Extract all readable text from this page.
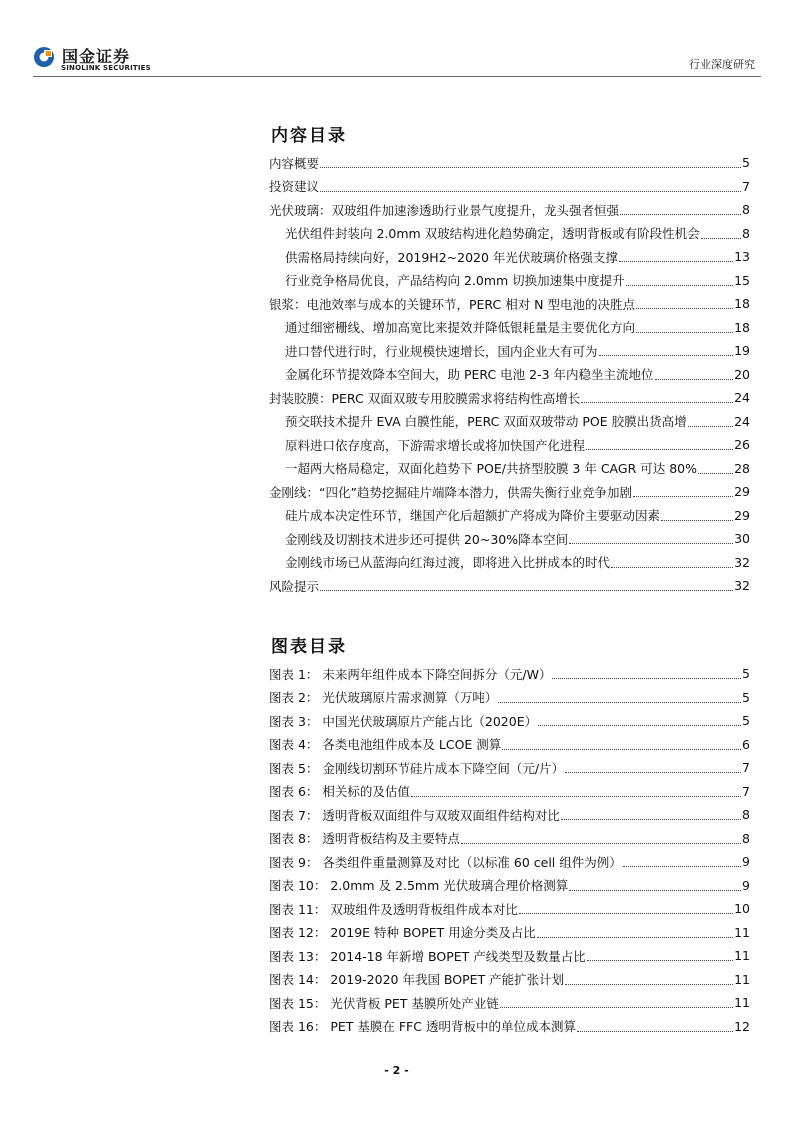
国金证券
SINOLINK SECURITIES	行业深度研究
内容目录
内容概要	5
投资建议	7
光伏玻璃：双玻组件加速渗透助行业景气度提升，龙头强者恒强	8
光伏组件封装向 2.0mm 双玻结构进化趋势确定，透明背板或有阶段性机会	8
供需格局持续向好，2019H2~2020 年光伏玻璃价格强支撑	13
行业竞争格局优良，产品结构向 2.0mm 切换加速集中度提升	15
银浆：电池效率与成本的关键环节，PERC 相对 N 型电池的决胜点	18
通过细密栅线、增加高宽比来提效并降低银耗量是主要优化方向	18
进口替代进行时，行业规模快速增长，国内企业大有可为	19
金属化环节提效降本空间大，助 PERC 电池 2-3 年内稳坐主流地位	20
封装胶膜：PERC 双面双玻专用胶膜需求将结构性高增长	24
预交联技术提升 EVA 白膜性能，PERC 双面双玻带动 POE 胶膜出货高增	24
原料进口依存度高，下游需求增长或将加快国产化进程	26
一超两大格局稳定，双面化趋势下 POE/共挤型胶膜 3 年 CAGR 可达 80%	28
金刚线：“四化”趋势挖掘硅片端降本潜力，供需失衡行业竞争加剧	29
硅片成本决定性环节，继国产化后超额扩产将成为降价主要驱动因素	29
金刚线及切割技术进步还可提供 20~30%降本空间	30
金刚线市场已从蓝海向红海过渡，即将进入比拼成本的时代	32
风险提示	32
图表目录
图表 1： 未来两年组件成本下降空间拆分（元/W）	5
图表 2： 光伏玻璃原片需求测算（万吨）	5
图表 3： 中国光伏玻璃原片产能占比（2020E）	5
图表 4： 各类电池组件成本及 LCOE 测算	6
图表 5： 金刚线切割环节硅片成本下降空间（元/片）	7
图表 6： 相关标的及估值	7
图表 7： 透明背板双面组件与双玻双面组件结构对比	8
图表 8： 透明背板结构及主要特点	8
图表 9： 各类组件重量测算及对比（以标准 60 cell 组件为例）	9
图表 10： 2.0mm 及 2.5mm 光伏玻璃合理价格测算	9
图表 11： 双玻组件及透明背板组件成本对比	10
图表 12： 2019E 特种 BOPET 用途分类及占比	11
图表 13： 2014-18 年新增 BOPET 产线类型及数量占比	11
图表 14： 2019-2020 年我国 BOPET 产能扩张计划	11
图表 15： 光伏背板 PET 基膜所处产业链	11
图表 16： PET 基膜在 FFC 透明背板中的单位成本测算	12
- 2 -
